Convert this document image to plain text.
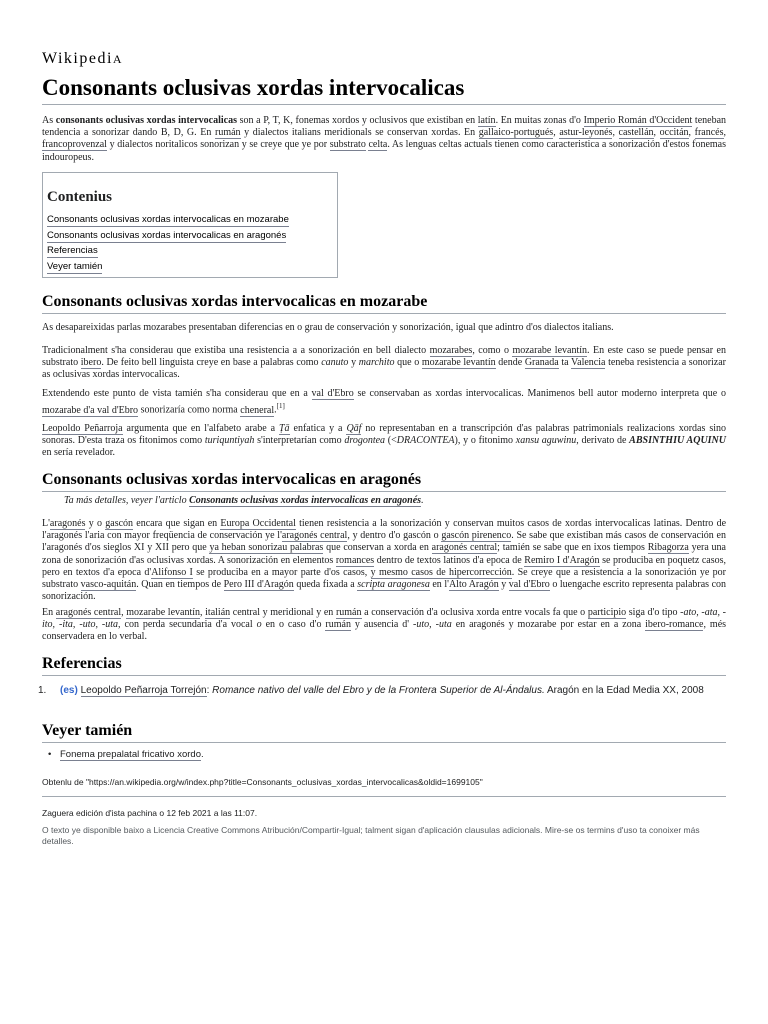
WikipediA
Consonants oclusivas xordas intervocalicas

As consonants oclusivas xordas intervocalicas son a P, T, K, fonemas xordos y oclusivos que existiban en latín. En muitas zonas d'o Imperio Román d'Occident teneban tendencia a sonorizar dando B, D, G. En rumán y dialectos italians meridionals se conservan xordas. En gallaico-portugués, astur-leyonés, castellán, occitán, francés, francoprovenzal y dialectos noritalicos sonorizan y se creye que ye por substrato celta. As lenguas celtas actuals tienen como caracteristica a sonorización d'estos fonemas indouropeus.

Contenius
Consonants oclusivas xordas intervocalicas en mozarabe
Consonants oclusivas xordas intervocalicas en aragonés
Referencias
Veyer tamién
Consonants oclusivas xordas intervocalicas en mozarabe

As desapareixidas parlas mozarabes presentaban diferencias en o grau de conservación y sonorización, igual que adintro d'os dialectos italians.

Tradicionalment s'ha considerau que existiba una resistencia a a sonorización en bell dialecto mozarabes, como o mozarabe levantín. En este caso se puede pensar en substrato ibero. De feito bell linguista creye en base a palabras como canuto y marchito que o mozarabe levantín dende Granada ta Valencia teneba resistencia a sonorizar as oclusivas xordas intervocalicas.

Extendendo este punto de vista tamién s'ha considerau que en a val d'Ebro se conservaban as xordas intervocalicas. Manimenos bell autor moderno interpreta que o mozarabe d'a val d'Ebro sonorizaría como norma cheneral.[1]

Leopoldo Peñarroja argumenta que en l'alfabeto arabe a Ṭā enfatica y a Qāf no representaban en a transcripción d'as palabras patrimonials realizacions xordas sino sonoras. D'esta traza os fitonimos como turiquntiyah s'interpretarían como drogontea (<DRACONTEA), y o fitonimo xansu aguwinu, derivato de ABSINTHIU AQUINU en sería revelador.

Consonants oclusivas xordas intervocalicas en aragonés

Ta más detalles, veyer l'articlo Consonants oclusivas xordas intervocalicas en aragonés.

L'aragonés y o gascón encara que sigan en Europa Occidental tienen resistencia a la sonorización y conservan muitos casos de xordas intervocalicas latinas. Dentro de l'aragonés l'aria con mayor freqüencia de conservación ye l'aragonés central, y dentro d'o gascón o gascón pirenenco. Se sabe que existiban más casos de conservación en l'aragonés d'os sieglos XI y XII pero que ya heban sonorizau palabras que conservan a xorda en aragonés central; tamién se sabe que en ixos tiempos Ribagorza yera una zona de sonorización d'as oclusivas xordas. A sonorización en elementos romances dentro de textos latinos d'a epoca de Remiro I d'Aragón se produciba en poquetz casos, pero en textos d'a epoca d'Alifonso I se produciba en a mayor parte d'os casos, y mesmo casos de hipercorrección. Se creye que a resistencia a la sonorización ye por substrato vasco-aquitán. Quan en tiempos de Pero III d'Aragón queda fixada a scripta aragonesa en l'Alto Aragón y val d'Ebro o luengache escrito representa palabras con sonorización.

En aragonés central, mozarabe levantín, italián central y meridional y en rumán a conservación d'a oclusiva xorda entre vocals fa que o participio siga d'o tipo -ato, -ata, -ito, -ita, -uto, -uta, con perda secundaria d'a vocal o en o caso d'o rumán y ausencia d' -uto, -uta en aragonés y mozarabe por estar en a zona ibero-romance, més conservadera en lo verbal.

Referencias
1. (es) Leopoldo Peñarroja Torrejón: Romance nativo del valle del Ebro y de la Frontera Superior de Al-Ándalus. Aragón en la Edad Media XX, 2008
Veyer tamién
• Fonema prepalatal fricativo xordo.
Obtenlu de "https://an.wikipedia.org/w/index.php?title=Consonants_oclusivas_xordas_intervocalicas&oldid=1699105"
Zaguera edición d'ista pachina o 12 feb 2021 a las 11:07.
O texto ye disponible baixo a Licencia Creative Commons Atribución/Compartir-Igual; talment sigan d'aplicación clausulas adicionals. Mire-se os termins d'uso ta conoixer más detalles.
